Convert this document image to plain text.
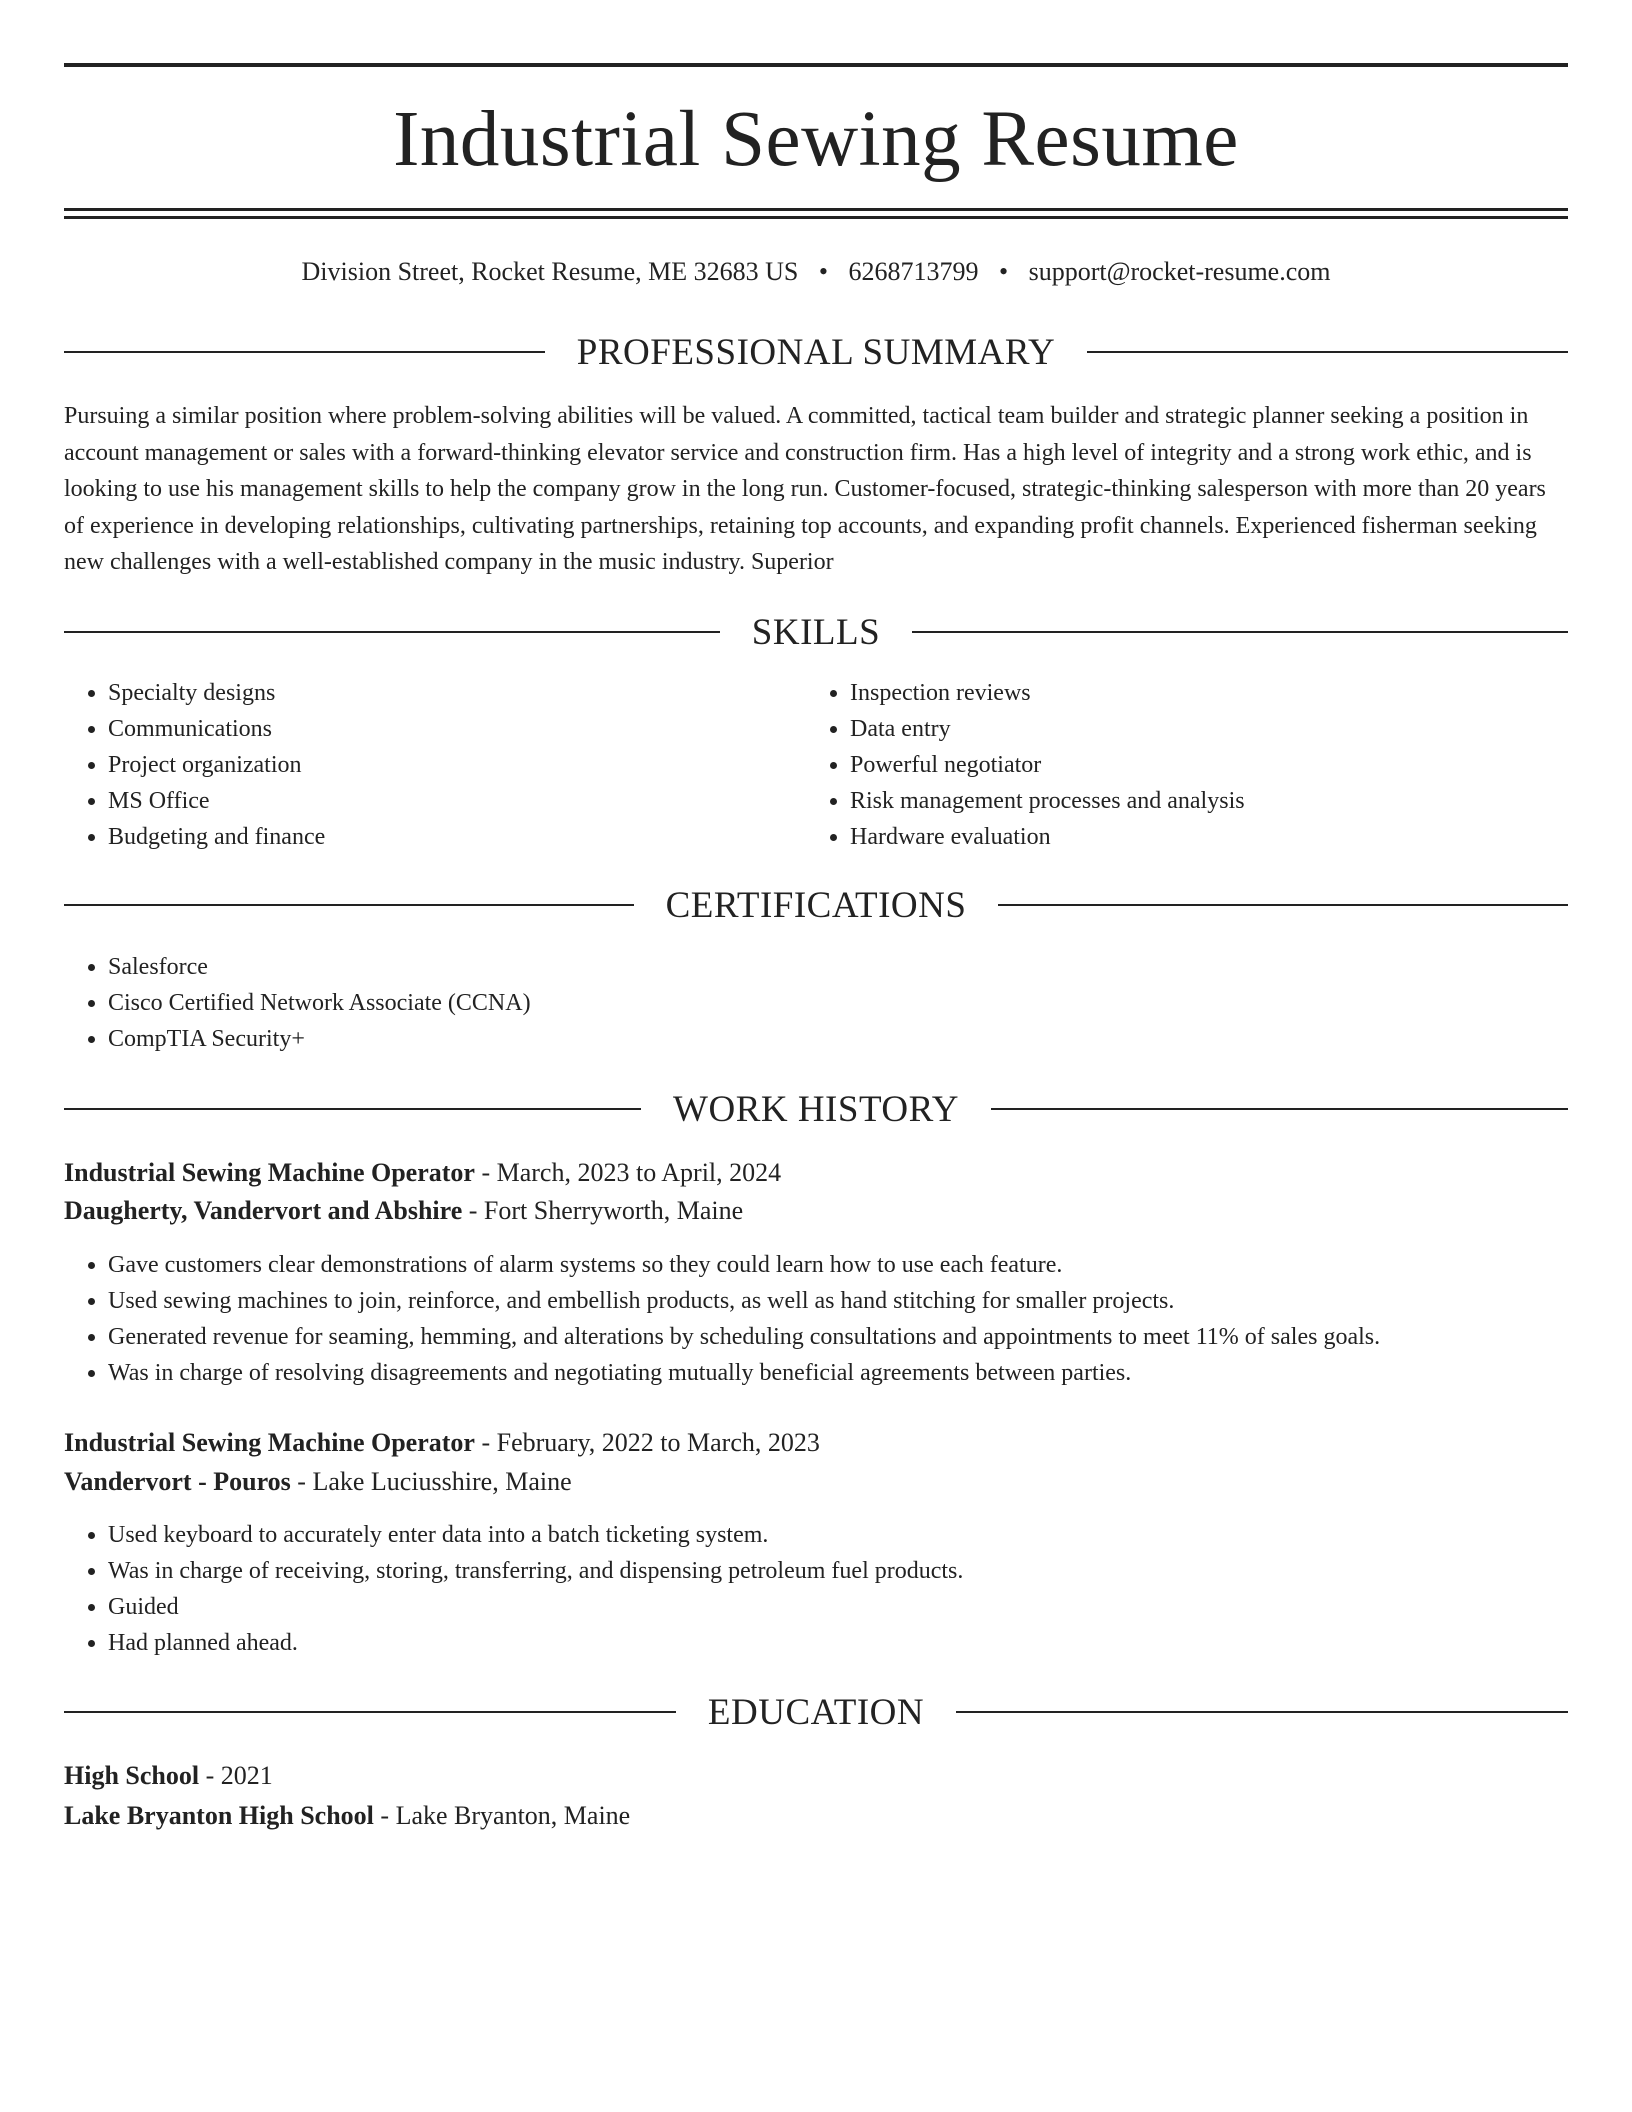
Industrial Sewing Resume
Division Street, Rocket Resume, ME 32683 US • 6268713799 • support@rocket-resume.com
PROFESSIONAL SUMMARY
Pursuing a similar position where problem-solving abilities will be valued. A committed, tactical team builder and strategic planner seeking a position in account management or sales with a forward-thinking elevator service and construction firm. Has a high level of integrity and a strong work ethic, and is looking to use his management skills to help the company grow in the long run. Customer-focused, strategic-thinking salesperson with more than 20 years of experience in developing relationships, cultivating partnerships, retaining top accounts, and expanding profit channels. Experienced fisherman seeking new challenges with a well-established company in the music industry. Superior
SKILLS
• Specialty designs
• Communications
• Project organization
• MS Office
• Budgeting and finance
• Inspection reviews
• Data entry
• Powerful negotiator
• Risk management processes and analysis
• Hardware evaluation
CERTIFICATIONS
• Salesforce
• Cisco Certified Network Associate (CCNA)
• CompTIA Security+
WORK HISTORY
Industrial Sewing Machine Operator - March, 2023 to April, 2024
Daugherty, Vandervort and Abshire - Fort Sherryworth, Maine
• Gave customers clear demonstrations of alarm systems so they could learn how to use each feature.
• Used sewing machines to join, reinforce, and embellish products, as well as hand stitching for smaller projects.
• Generated revenue for seaming, hemming, and alterations by scheduling consultations and appointments to meet 11% of sales goals.
• Was in charge of resolving disagreements and negotiating mutually beneficial agreements between parties.
Industrial Sewing Machine Operator - February, 2022 to March, 2023
Vandervort - Pouros - Lake Luciusshire, Maine
• Used keyboard to accurately enter data into a batch ticketing system.
• Was in charge of receiving, storing, transferring, and dispensing petroleum fuel products.
• Guided
• Had planned ahead.
EDUCATION
High School - 2021
Lake Bryanton High School - Lake Bryanton, Maine
